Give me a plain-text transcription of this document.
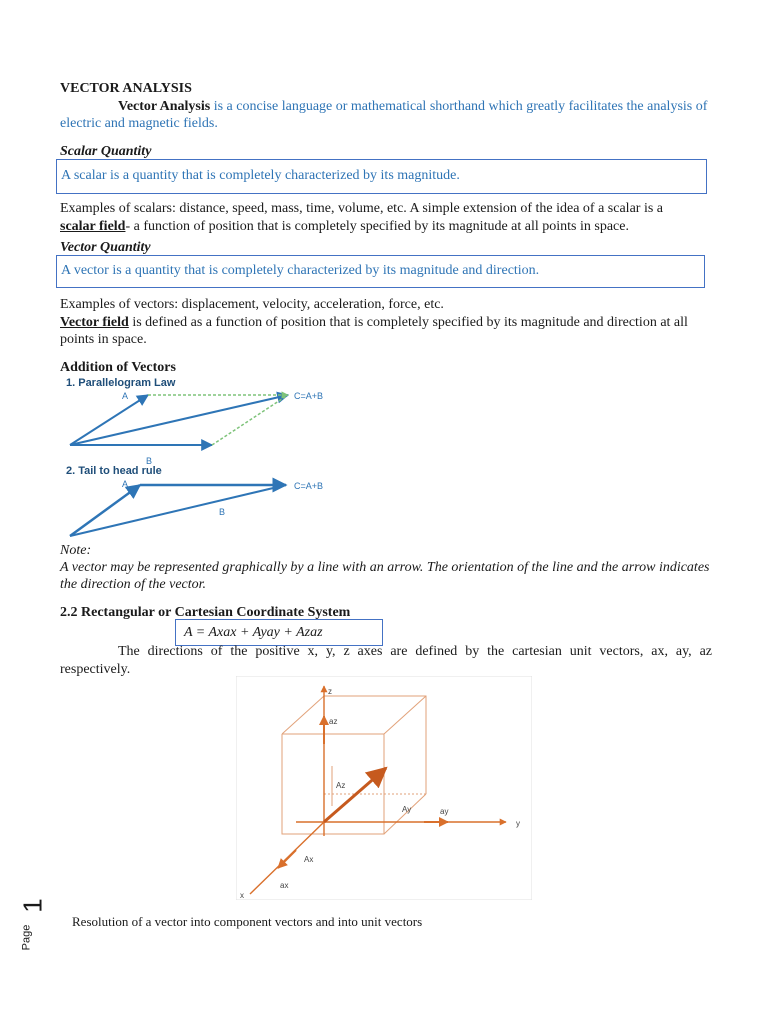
VECTOR ANALYSIS
Vector Analysis is a concise language or mathematical shorthand which greatly facilitates the analysis of electric and magnetic fields.
Scalar Quantity
A scalar is a quantity that is completely characterized by its magnitude.
Examples of scalars: distance, speed, mass, time, volume, etc. A simple extension of the idea of a scalar is a
scalar field- a function of position that is completely specified by its magnitude at all points in space.
Vector Quantity
A vector is a quantity that is completely characterized by its magnitude and direction.
Examples of vectors: displacement, velocity, acceleration, force, etc.
Vector field is defined as a function of position that is completely specified by its magnitude and direction at all points in space.
Addition of Vectors
1. Parallelogram Law
A
B
C=A+B
2. Tail to head rule
A
B
C=A+B
Note:
A vector may be represented graphically by a line with an arrow. The orientation of the line and the arrow indicates the direction of the vector.
2.2 Rectangular or Cartesian Coordinate System
A = Axax + Ayay + Azaz
The directions of the positive x, y, z axes are defined by the cartesian unit vectors, ax, ay, az
respectively.
z
y
x
az
ay
ax
Ay
Ax
Az
Resolution of a vector into component vectors and into unit vectors
Page
1
